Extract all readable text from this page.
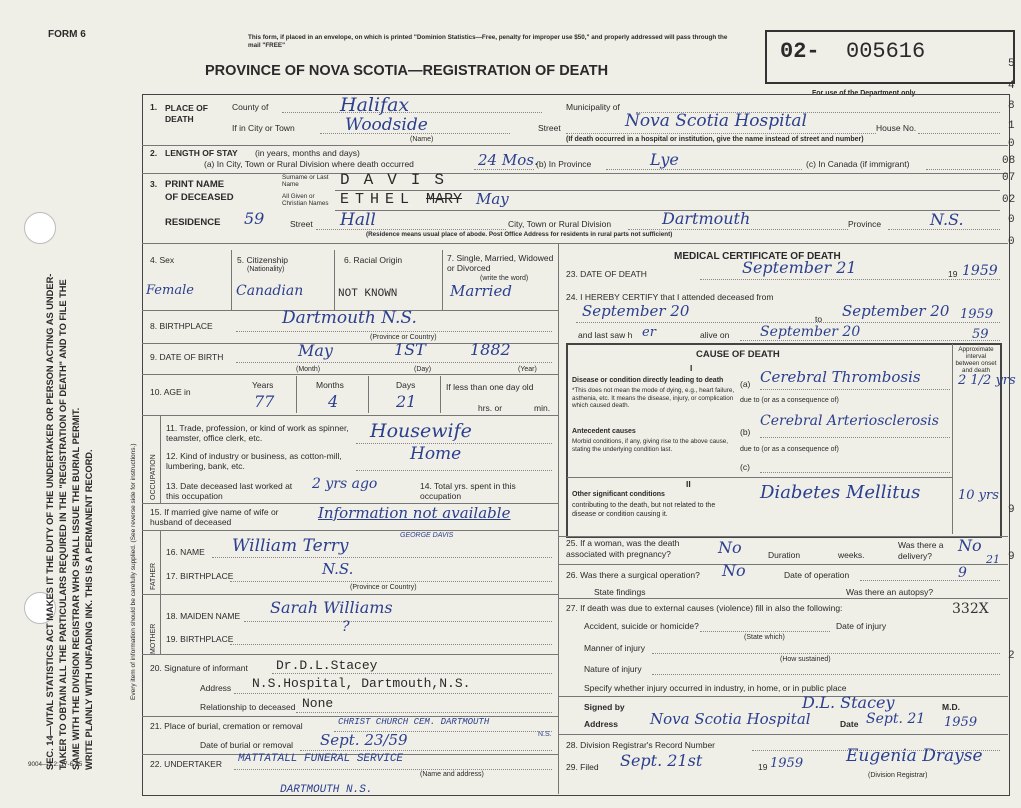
FORM 6	This form, if placed in an envelope, on which is printed "Dominion Statistics—Free, penalty for improper use $50," and properly addressed will pass through the mail "FREE"
PROVINCE OF NOVA SCOTIA—REGISTRATION OF DEATH
02- 005616
For use of the Department only
SEC. 14—VITAL STATISTICS ACT MAKES IT THE DUTY OF THE UNDERTAKER OR PERSON ACTING AS UNDER- TAKER TO OBTAIN ALL THE PARTICULARS REQUIRED IN THE "REGISTRATION OF DEATH" AND TO FILE THE SAME WITH THE DIVISION REGISTRAR WHO SHALL ISSUE THE BURIAL PERMIT. WRITE PLAINLY WITH UNFADING INK. THIS IS A PERMANENT RECORD.	Every item of information should be carefully supplied. (See reverse side for instructions.)
9004—3.2: 17-6-55
1. PLACE OF DEATH
County of	Halifax	Municipality of
If in City or Town	Woodside	Street	Nova Scotia Hospital	House No.
(Name)	(If death occurred in a hospital or institution, give the name instead of street and number)
2. LENGTH OF STAY (in years, months and days)
(a) In City, Town or Rural Division where death occurred	24 Mos.
(b) In Province	Lye	(c) In Canada (if immigrant)
3. PRINT NAME
OF DECEASED
Surname or Last Name	DAVIS
All Given or Christian Names ETHEL MARY May
RESIDENCE 59	Street Hall	City, Town or Rural Division	Dartmouth	Province	N.S.
(Residence means usual place of abode. Post Office Address for residents in rural parts not sufficient)
4. Sex
Female
5. Citizenship
(Nationality)
Canadian
6. Racial Origin
NOT KNOWN
7. Single, Married, Widowed or Divorced
(write the word)
Married
8. BIRTHPLACE	Dartmouth N.S.
(Province or Country)
9. DATE OF BIRTH	May	1ST	1882
(Month)	(Day)	(Year)
10. AGE in
Years	Months	Days
77	4	21
If less than one day old
hrs. or	min.
OCCUPATION
11. Trade, profession, or kind of work as spinner, teamster, office clerk, etc.	Housewife
12. Kind of industry or business, as cotton-mill, lumbering, bank, etc.
Home
13. Date deceased last worked at this occupation
2 yrs ago	14. Total yrs. spent in this occupation
15. If married give name of wife or husband of deceased	Information not available
FATHER
16. NAME William Terry
GEORGE DAVIS
17. BIRTHPLACE	N.S.
(Province or Country)
MOTHER
18. MAIDEN NAME Sarah Williams
19. BIRTHPLACE
?
20. Signature of informant Dr.D.L.Stacey
Address N.S.Hospital, Dartmouth,N.S.
Relationship to deceased None
21. Place of burial, cremation or removal	CHRIST CHURCH CEM. DARTMOUTH
N.S.
Date of burial or removal Sept. 23/59
22. UNDERTAKER MATTATALL FUNERAL SERVICE
(Name and address)
DARTMOUTH N.S.
MEDICAL CERTIFICATE OF DEATH
23. DATE OF DEATH	September 21	19 1959
24. I HEREBY CERTIFY that I attended deceased from
September 20	to September 20 1959
and last saw h er	alive on September 20	59
CAUSE OF DEATH	Approximate interval between onset and death
I
Disease or condition directly leading to death
*This does not mean the mode of dying, e.g., heart failure, asthenia, etc. It means the disease, injury, or complication which caused death.
(a) Cerebral Thrombosis	2 1/2 yrs
due to (or as a consequence of)
Antecedent causes
Morbid conditions, if any, giving rise to the above cause, stating the underlying condition last.
(b)
Cerebral Arteriosclerosis
due to (or as a consequence of)
(c)
II
Other significant conditions
contributing to the death, but not related to the disease or condition causing it.
Diabetes Mellitus	10 yrs
25. If a woman, was the death associated with pregnancy?	No	Duration	weeks.
Was there a delivery?
No
26. Was there a surgical operation? No	Date of operation
State findings	Was there an autopsy?
27. If death was due to external causes (violence) fill in also the following:
Accident, suicide or homicide?
(State which)
Date of injury
Manner of injury
(How sustained)
Nature of injury
Specify whether injury occurred in industry, in home, or in public place
Signed by	D.L. Stacey	M.D.
Address Nova Scotia Hospital	Date Sept. 21 1959
28. Division Registrar's Record Number
29. Filed Sept. 21st	19 1959	Eugenia Drayse
(Division Registrar)
5
4
8
1
0
08
07
02
0
0
9
9
2
332X
21
9
